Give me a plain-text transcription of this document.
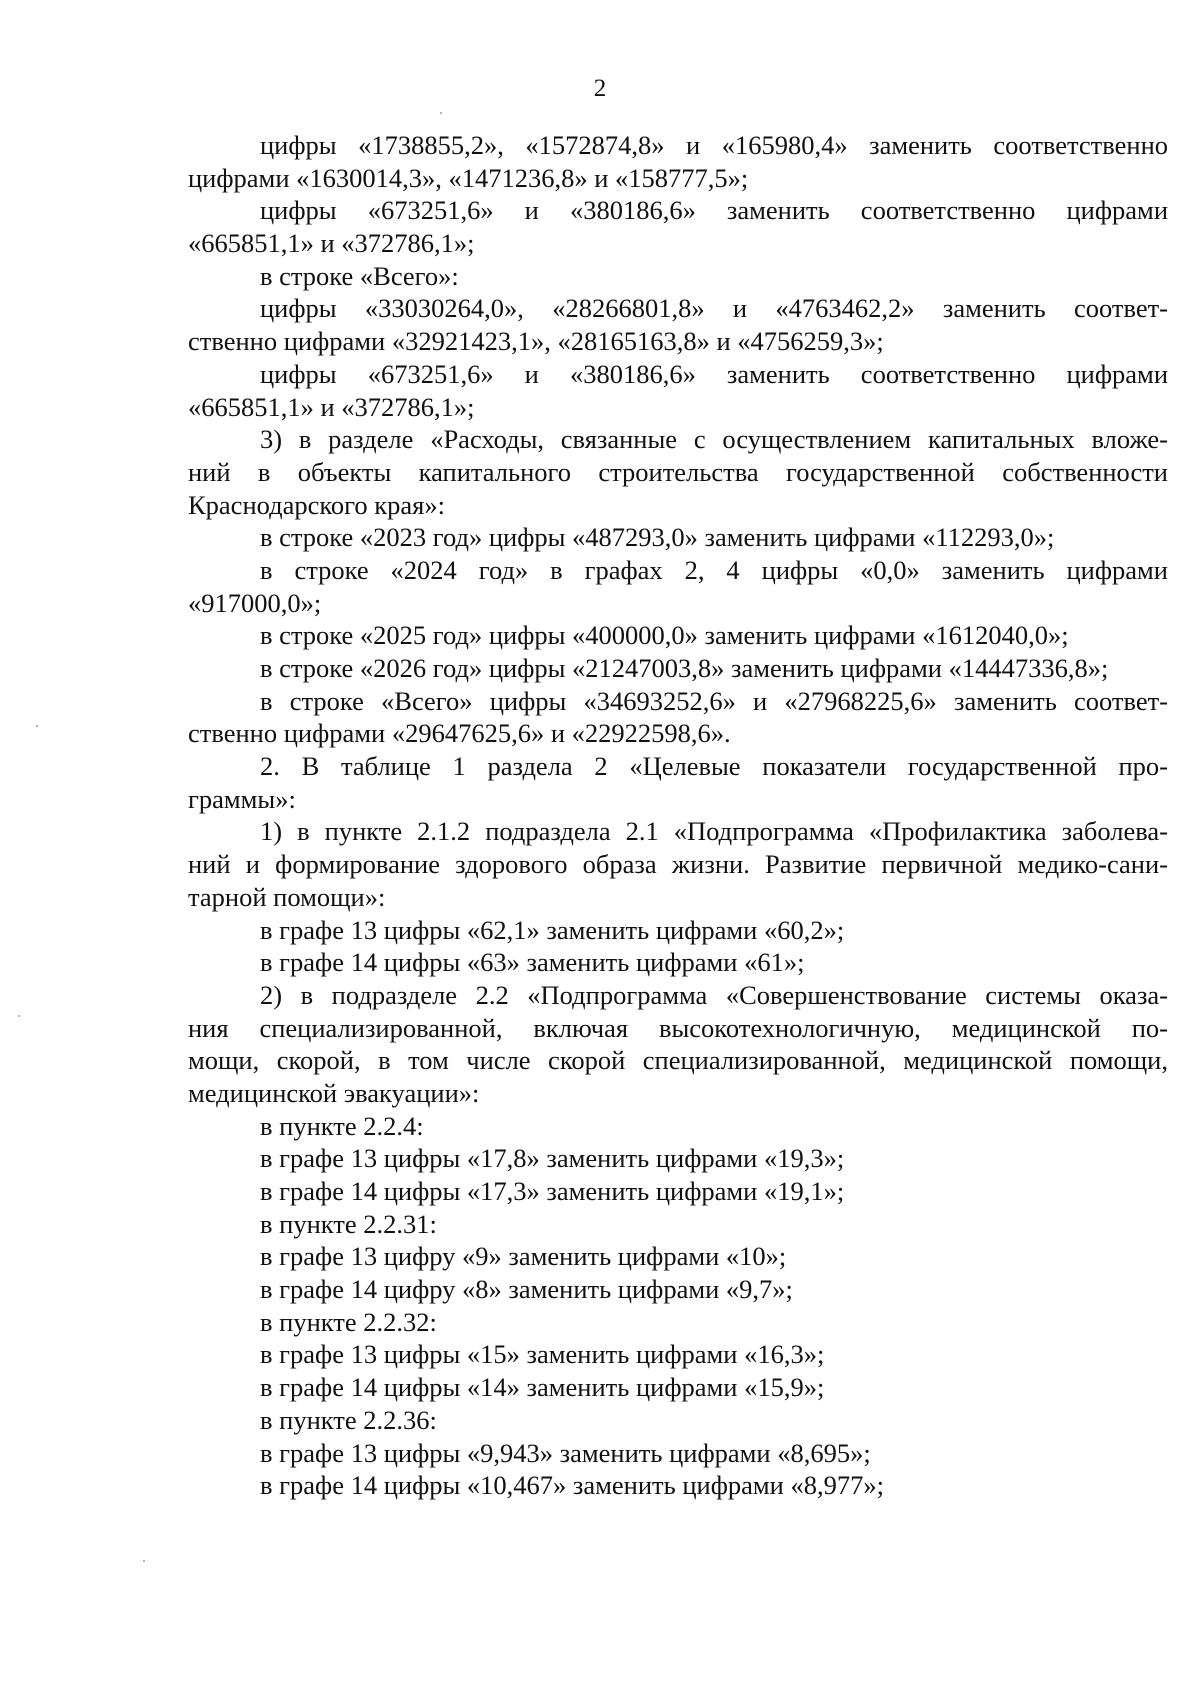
2
цифры «1738855,2», «1572874,8» и «165980,4» заменить соответственно
цифрами «1630014,3», «1471236,8» и «158777,5»;
цифры «673251,6» и «380186,6» заменить соответственно цифрами
«665851,1» и «372786,1»;
в строке «Всего»:
цифры «33030264,0», «28266801,8» и «4763462,2» заменить соответ-
ственно цифрами «32921423,1», «28165163,8» и «4756259,3»;
цифры «673251,6» и «380186,6» заменить соответственно цифрами
«665851,1» и «372786,1»;
3) в разделе «Расходы, связанные с осуществлением капитальных вложе-
ний в объекты капитального строительства государственной собственности
Краснодарского края»:
в строке «2023 год» цифры «487293,0» заменить цифрами «112293,0»;
в строке «2024 год» в графах 2, 4 цифры «0,0» заменить цифрами
«917000,0»;
в строке «2025 год» цифры «400000,0» заменить цифрами «1612040,0»;
в строке «2026 год» цифры «21247003,8» заменить цифрами «14447336,8»;
в строке «Всего» цифры «34693252,6» и «27968225,6» заменить соответ-
ственно цифрами «29647625,6» и «22922598,6».
2. В таблице 1 раздела 2 «Целевые показатели государственной про-
граммы»:
1) в пункте 2.1.2 подраздела 2.1 «Подпрограмма «Профилактика заболева-
ний и формирование здорового образа жизни. Развитие первичной медико-сани-
тарной помощи»:
в графе 13 цифры «62,1» заменить цифрами «60,2»;
в графе 14 цифры «63» заменить цифрами «61»;
2) в подразделе 2.2 «Подпрограмма «Совершенствование системы оказа-
ния специализированной, включая высокотехнологичную, медицинской по-
мощи, скорой, в том числе скорой специализированной, медицинской помощи,
медицинской эвакуации»:
в пункте 2.2.4:
в графе 13 цифры «17,8» заменить цифрами «19,3»;
в графе 14 цифры «17,3» заменить цифрами «19,1»;
в пункте 2.2.31:
в графе 13 цифру «9» заменить цифрами «10»;
в графе 14 цифру «8» заменить цифрами «9,7»;
в пункте 2.2.32:
в графе 13 цифры «15» заменить цифрами «16,3»;
в графе 14 цифры «14» заменить цифрами «15,9»;
в пункте 2.2.36:
в графе 13 цифры «9,943» заменить цифрами «8,695»;
в графе 14 цифры «10,467» заменить цифрами «8,977»;
